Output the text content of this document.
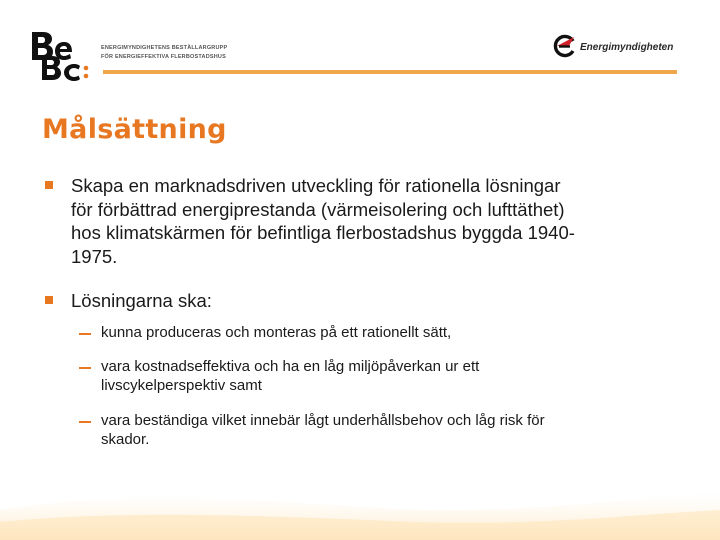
ENERGIMYNDIGHETENS BESTÄLLARGRUPP
FÖR ENERGIEFFEKTIVA FLERBOSTADSHUS
Energimyndigheten
Målsättning
Skapa en marknadsdriven utveckling för rationella lösningar
för förbättrad energiprestanda (värmeisolering och lufttäthet)
hos klimatskärmen för befintliga flerbostadshus byggda 1940-
1975.
Lösningarna ska:
kunna produceras och monteras på ett rationellt sätt,
vara kostnadseffektiva och ha en låg miljöpåverkan ur ett
livscykelperspektiv samt
vara beständiga vilket innebär lågt underhållsbehov och låg risk för
skador.
